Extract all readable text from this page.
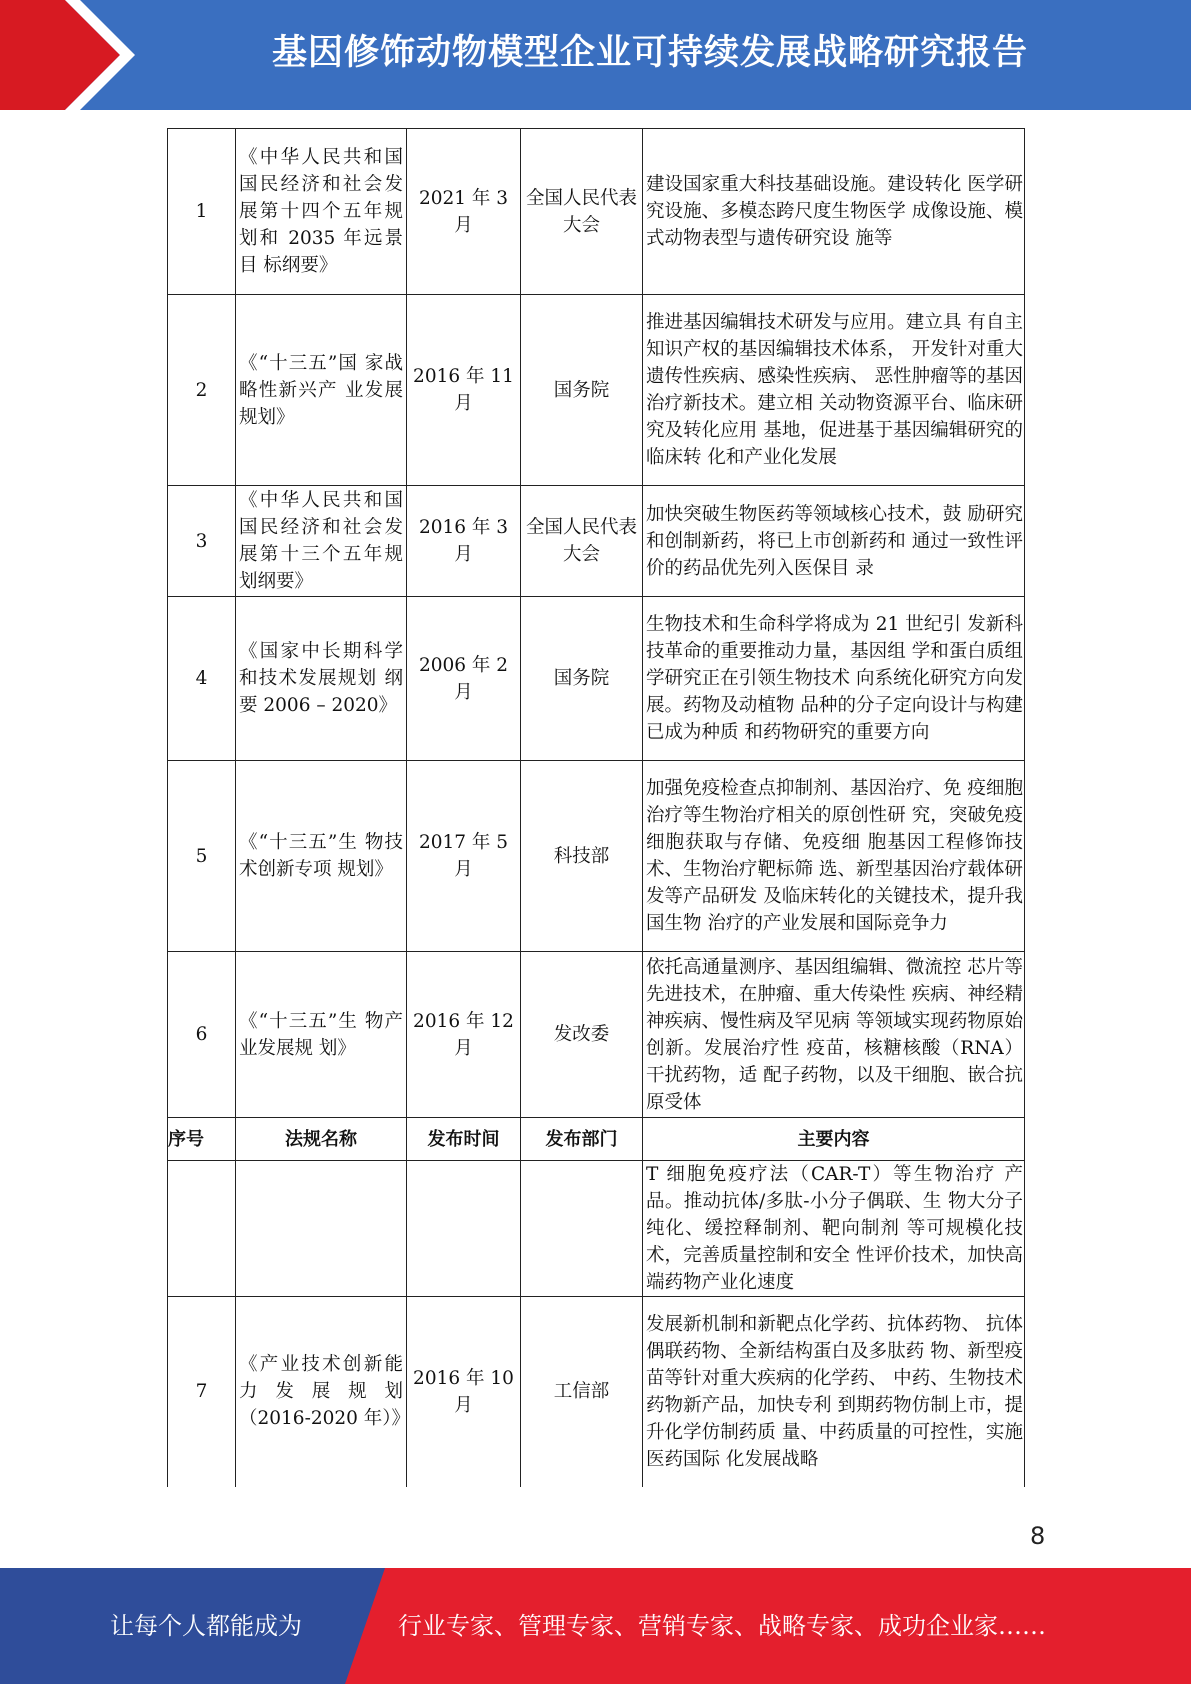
基因修饰动物模型企业可持续发展战略研究报告
1	《中华人民共和国国民经济和社会发展第十四个五年规划和 2035 年远景目 标纲要》	2021 年 3 月	全国人民代表大会	建设国家重大科技基础设施。建设转化 医学研究设施、多模态跨尺度生物医学 成像设施、模式动物表型与遗传研究设 施等
2	《“十三五”国 家战略性新兴产 业发展规划》	2016 年 11 月	国务院	推进基因编辑技术研发与应用。建立具 有自主知识产权的基因编辑技术体系， 开发针对重大遗传性疾病、感染性疾病、 恶性肿瘤等的基因治疗新技术。建立相 关动物资源平台、临床研究及转化应用 基地，促进基于基因编辑研究的临床转 化和产业化发展
3	《中华人民共和国国民经济和社会发展第十三个五年规划纲要》	2016 年 3 月	全国人民代表大会	加快突破生物医药等领域核心技术，鼓 励研究和创制新药，将已上市创新药和 通过一致性评价的药品优先列入医保目 录
4	《国家中长期科学和技术发展规划 纲 要 2006 – 2020》	2006 年 2 月	国务院	生物技术和生命科学将成为 21 世纪引 发新科技革命的重要推动力量，基因组 学和蛋白质组学研究正在引领生物技术 向系统化研究方向发展。药物及动植物 品种的分子定向设计与构建已成为种质 和药物研究的重要方向
5	《“十三五”生 物技术创新专项 规划》	2017 年 5 月	科技部	加强免疫检查点抑制剂、基因治疗、免 疫细胞治疗等生物治疗相关的原创性研 究，突破免疫细胞获取与存储、免疫细 胞基因工程修饰技术、生物治疗靶标筛 选、新型基因治疗载体研发等产品研发 及临床转化的关键技术，提升我国生物 治疗的产业发展和国际竞争力
6	《“十三五”生 物产业发展规 划》	2016 年 12 月	发改委	依托高通量测序、基因组编辑、微流控 芯片等先进技术，在肿瘤、重大传染性 疾病、神经精神疾病、慢性病及罕见病 等领域实现药物原始创新。发展治疗性 疫苗，核糖核酸（RNA）干扰药物，适 配子药物，以及干细胞、嵌合抗原受体
序号	法规名称	发布时间	发布部门	主要内容
				T 细胞免疫疗法（CAR-T）等生物治疗 产品。推动抗体/多肽-小分子偶联、生 物大分子纯化、缓控释制剂、靶向制剂 等可规模化技术，完善质量控制和安全 性评价技术，加快高端药物产业化速度
7	《产业技术创新能力发展规划（2016-2020 年）》	2016 年 10 月	工信部	发展新机制和新靶点化学药、抗体药物、 抗体偶联药物、全新结构蛋白及多肽药 物、新型疫苗等针对重大疾病的化学药、 中药、生物技术药物新产品，加快专利 到期药物仿制上市，提升化学仿制药质 量、中药质量的可控性，实施医药国际 化发展战略
8
让每个人都能成为	行业专家、管理专家、营销专家、战略专家、成功企业家……
